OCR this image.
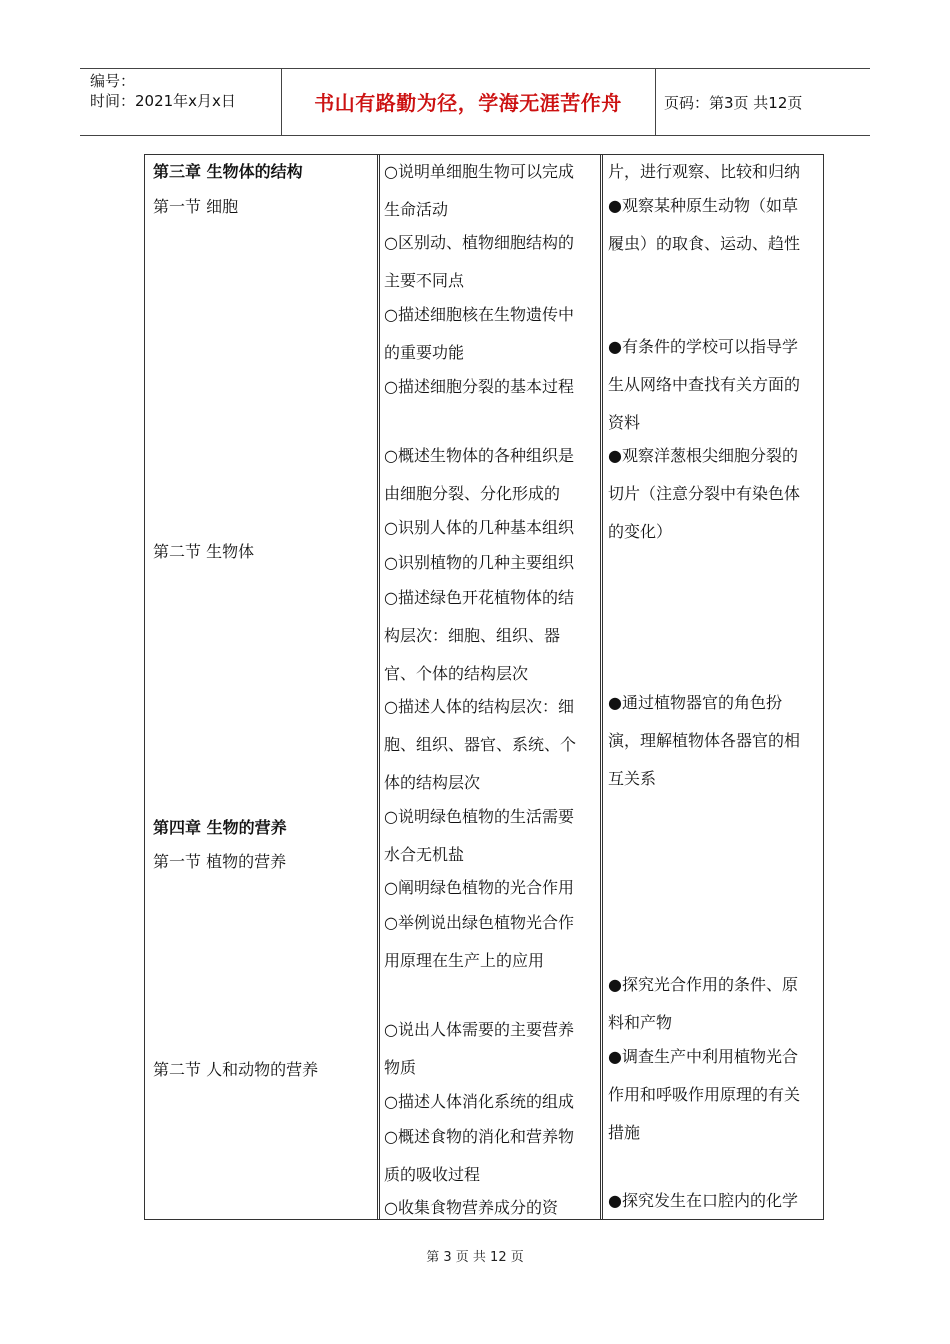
编号：
时间：2021年x月x日	书山有路勤为径，学海无涯苦作舟	页码：第3页 共12页
第三章 生物体的结构
第一节 细胞
第二节 生物体
第四章 生物的营养
第一节 植物的营养
第二节 人和动物的营养
○说明单细胞生物可以完成
生命活动
○区别动、植物细胞结构的
主要不同点
○描述细胞核在生物遗传中
的重要功能
○描述细胞分裂的基本过程
○概述生物体的各种组织是
由细胞分裂、分化形成的
○识别人体的几种基本组织
○识别植物的几种主要组织
○描述绿色开花植物体的结
构层次：细胞、组织、器
官、个体的结构层次
○描述人体的结构层次：细
胞、组织、器官、系统、个
体的结构层次
○说明绿色植物的生活需要
水合无机盐
○阐明绿色植物的光合作用
○举例说出绿色植物光合作
用原理在生产上的应用
○说出人体需要的主要营养
物质
○描述人体消化系统的组成
○概述食物的消化和营养物
质的吸收过程
○收集食物营养成分的资
片，进行观察、比较和归纳
●观察某种原生动物（如草
履虫）的取食、运动、趋性
●有条件的学校可以指导学
生从网络中查找有关方面的
资料
●观察洋葱根尖细胞分裂的
切片（注意分裂中有染色体
的变化）
●通过植物器官的角色扮
演，理解植物体各器官的相
互关系
●探究光合作用的条件、原
料和产物
●调查生产中利用植物光合
作用和呼吸作用原理的有关
措施
●探究发生在口腔内的化学
第 3 页 共 12 页
